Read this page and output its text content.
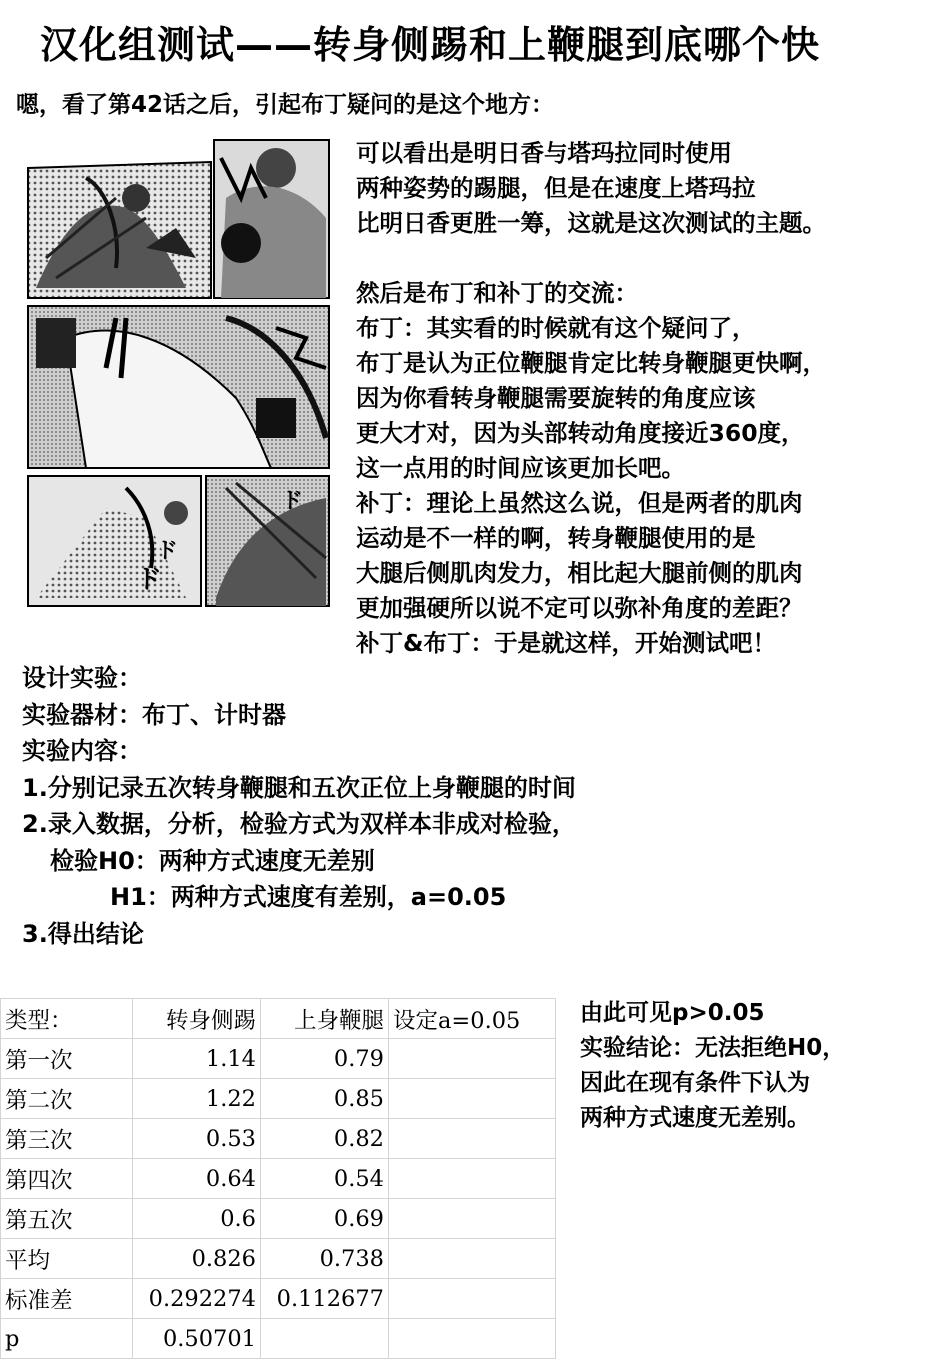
汉化组测试——转身侧踢和上鞭腿到底哪个快
嗯，看了第42话之后，引起布丁疑问的是这个地方：
ド
ド
ド
可以看出是明日香与塔玛拉同时使用
两种姿势的踢腿，但是在速度上塔玛拉
比明日香更胜一筹，这就是这次测试的主题。
然后是布丁和补丁的交流：
布丁：其实看的时候就有这个疑问了，
布丁是认为正位鞭腿肯定比转身鞭腿更快啊，
因为你看转身鞭腿需要旋转的角度应该
更大才对，因为头部转动角度接近360度，
这一点用的时间应该更加长吧。
补丁：理论上虽然这么说，但是两者的肌肉
运动是不一样的啊，转身鞭腿使用的是
大腿后侧肌肉发力，相比起大腿前侧的肌肉
更加强硬所以说不定可以弥补角度的差距？
补丁&布丁：于是就这样，开始测试吧！
设计实验：
实验器材：布丁、计时器
实验内容：
1.分别记录五次转身鞭腿和五次正位上身鞭腿的时间
2.录入数据，分析，检验方式为双样本非成对检验，
检验H0：两种方式速度无差别
H1：两种方式速度有差别，a=0.05
3.得出结论
类型：	转身侧踢	上身鞭腿	设定a=0.05
第一次	1.14	0.79	
第二次	1.22	0.85	
第三次	0.53	0.82	
第四次	0.64	0.54	
第五次	0.6	0.69	
平均	0.826	0.738	
标准差	0.292274	0.112677	
p	0.50701		
由此可见p>0.05
实验结论：无法拒绝H0，
因此在现有条件下认为
两种方式速度无差别。
